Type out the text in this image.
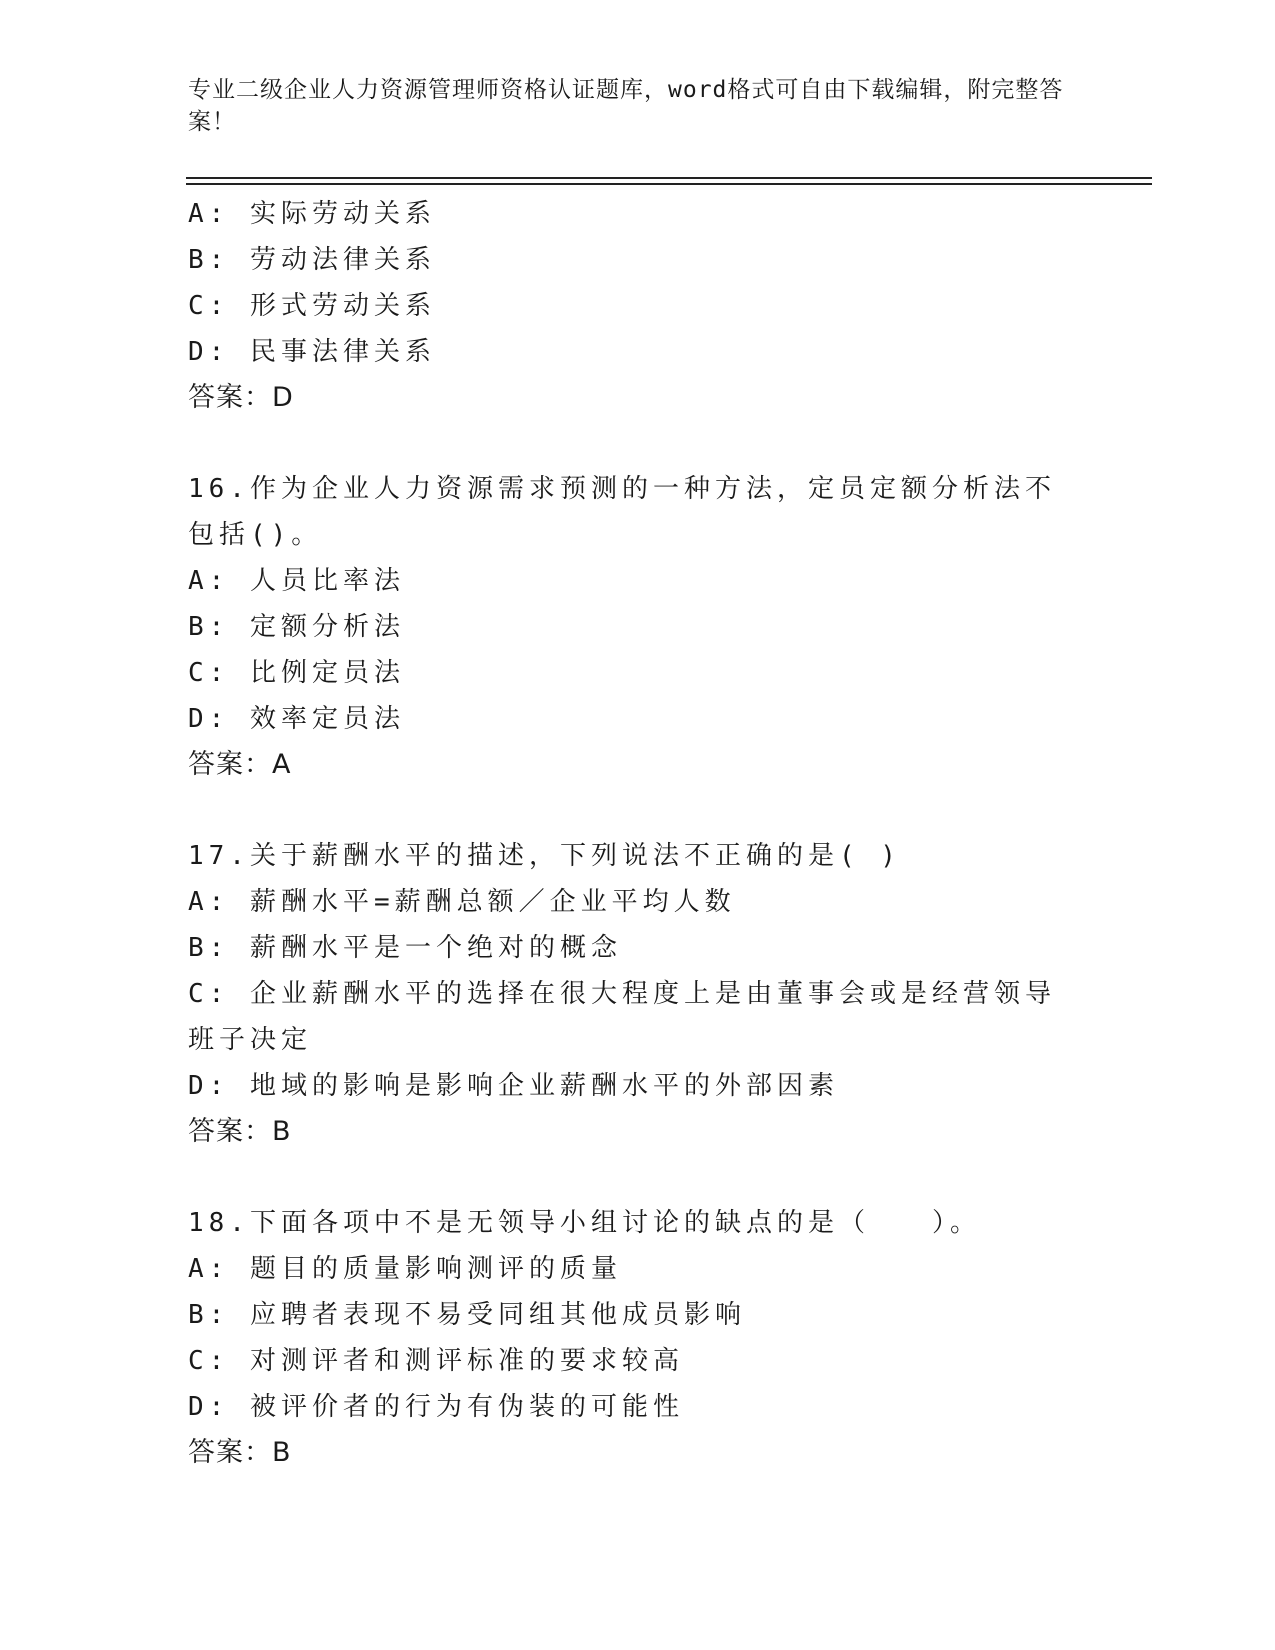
专业二级企业人力资源管理师资格认证题库，word格式可自由下载编辑，附完整答案！
A: 实际劳动关系
B: 劳动法律关系
C: 形式劳动关系
D: 民事法律关系
答案：D
16.作为企业人力资源需求预测的一种方法，定员定额分析法不包括()。
A: 人员比率法
B: 定额分析法
C: 比例定员法
D: 效率定员法
答案：A
17.关于薪酬水平的描述，下列说法不正确的是( )
A: 薪酬水平=薪酬总额／企业平均人数
B: 薪酬水平是一个绝对的概念
C: 企业薪酬水平的选择在很大程度上是由董事会或是经营领导班子决定
D: 地域的影响是影响企业薪酬水平的外部因素
答案：B
18.下面各项中不是无领导小组讨论的缺点的是（　　）。
A: 题目的质量影响测评的质量
B: 应聘者表现不易受同组其他成员影响
C: 对测评者和测评标准的要求较高
D: 被评价者的行为有伪装的可能性
答案：B
